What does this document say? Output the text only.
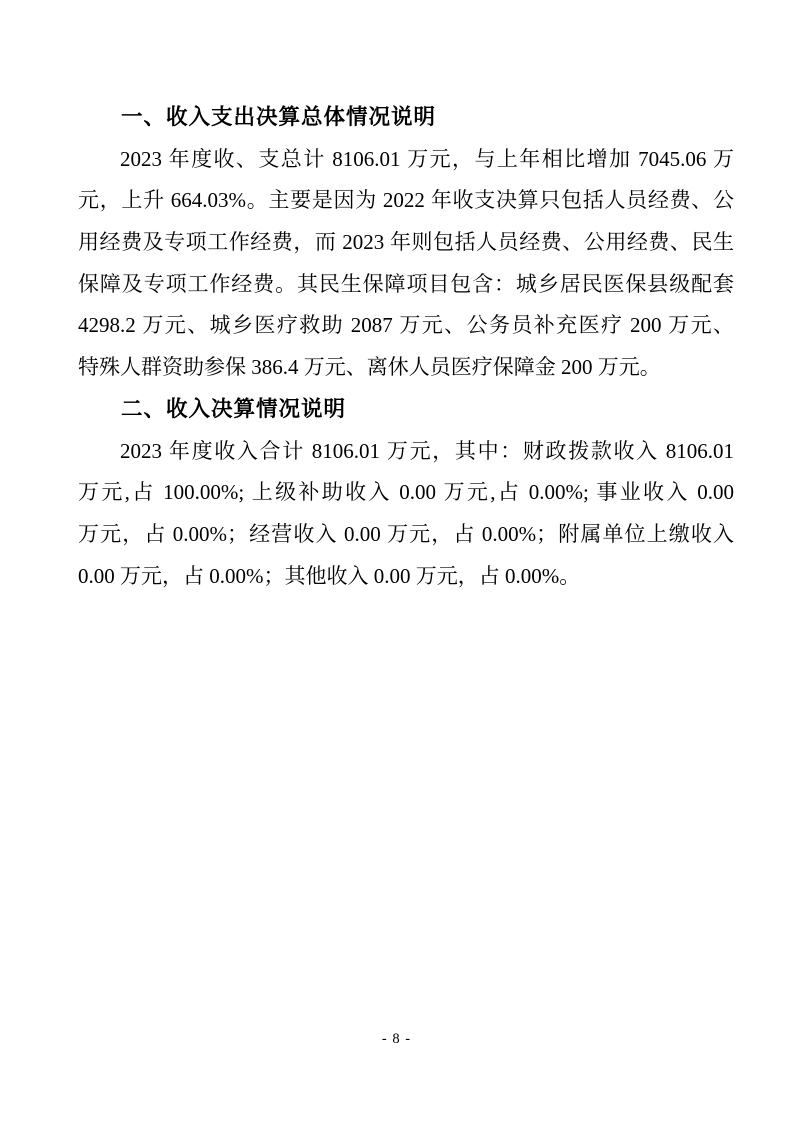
一、收入支出决算总体情况说明
2023 年度收、支总计 8106.01 万元，与上年相比增加 7045.06 万
元，上升 664.03%。主要是因为 2022 年收支决算只包括人员经费、公
用经费及专项工作经费，而 2023 年则包括人员经费、公用经费、民生
保障及专项工作经费。其民生保障项目包含：城乡居民医保县级配套
4298.2 万元、城乡医疗救助 2087 万元、公务员补充医疗 200 万元、
特殊人群资助参保 386.4 万元、离休人员医疗保障金 200 万元。
二、收入决算情况说明
2023 年度收入合计 8106.01 万元，其中：财政拨款收入 8106.01
万元,占 100.00%; 上级补助收入 0.00 万元,占 0.00%; 事业收入 0.00
万元，占 0.00%；经营收入 0.00 万元，占 0.00%；附属单位上缴收入
0.00 万元，占 0.00%；其他收入 0.00 万元，占 0.00%。
- 8 -
